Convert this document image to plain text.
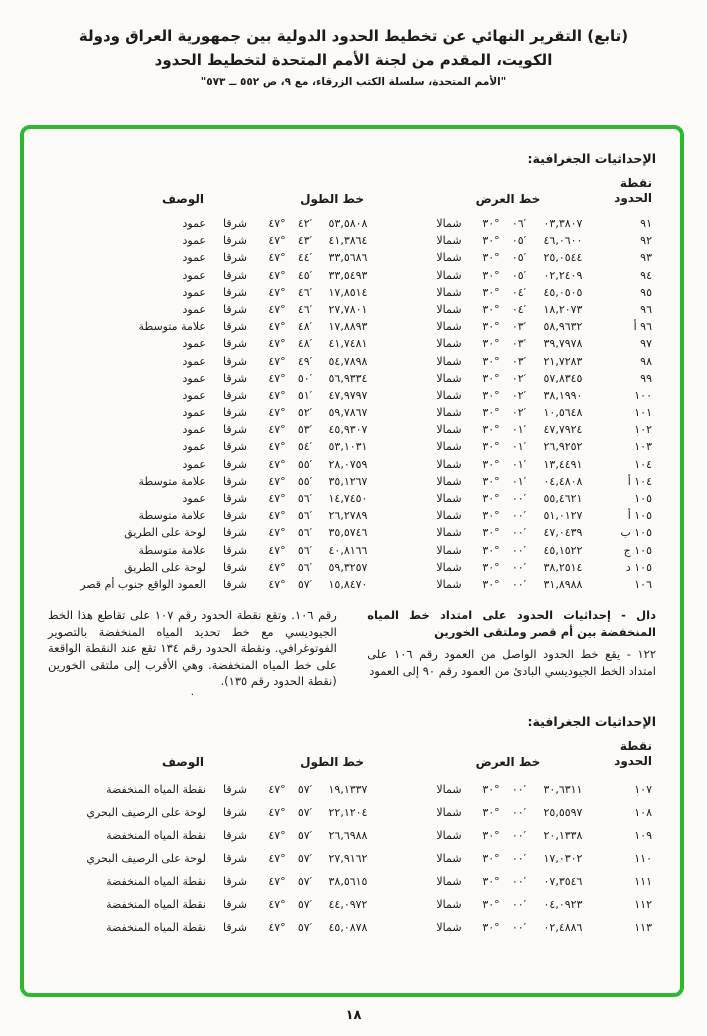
(تابع) التقرير النهائي عن تخطيط الحدود الدولية بين جمهورية العراق ودولة
الكويت، المقدم من لجنة الأمم المتحدة لتخطيط الحدود
"الأمم المتحدة، سلسلة الكتب الزرقاء، مع ٩، ص ٥٥٢ ــ ٥٧٣"
الإحداثيات الجغرافية:
الوصف	خط الطول	خط العرض
نقطة
الحدود
عمود	شرقا	٤٧°	٤٢′	٥٣,٥٨٠٨	شمالا	٣٠°	٠٦′	٠٣,٣٨٠٧	٩١
عمود	شرقا	٤٧°	٤٣′	٤١,٣٨٦٤	شمالا	٣٠°	٠٥′	٤٦,٠٦٠٠	٩٢
عمود	شرقا	٤٧°	٤٤′	٣٣,٥٦٨٦	شمالا	٣٠°	٠٥′	٢٥,٠٥٤٤	٩٣
عمود	شرقا	٤٧°	٤٥′	٣٣,٥٤٩٣	شمالا	٣٠°	٠٥′	٠٢,٢٤٠٩	٩٤
عمود	شرقا	٤٧°	٤٦′	١٧,٨٥١٤	شمالا	٣٠°	٠٤′	٤٥,٠٥٠٥	٩٥
عمود	شرقا	٤٧°	٤٦′	٢٧,٧٨٠١	شمالا	٣٠°	٠٤′	١٨,٢٠٧٣	٩٦
علامة متوسطة	شرقا	٤٧°	٤٨′	١٧,٨٨٩٣	شمالا	٣٠°	٠٣′	٥٨,٩٦٣٢	٩٦ أ
عمود	شرقا	٤٧°	٤٨′	٤١,٧٤٨١	شمالا	٣٠°	٠٣′	٣٩,٧٩٧٨	٩٧
عمود	شرقا	٤٧°	٤٩′	٥٤,٧٨٩٨	شمالا	٣٠°	٠٣′	٢١,٧٢٨٣	٩٨
عمود	شرقا	٤٧°	٥٠′	٥٦,٩٣٣٤	شمالا	٣٠°	٠٢′	٥٧,٨٣٤٥	٩٩
عمود	شرقا	٤٧°	٥١′	٤٧,٩٧٩٧	شمالا	٣٠°	٠٢′	٣٨,١٩٩٠	١٠٠
عمود	شرقا	٤٧°	٥٢′	٥٩,٧٨٦٧	شمالا	٣٠°	٠٢′	١٠,٥٦٤٨	١٠١
عمود	شرقا	٤٧°	٥٣′	٤٥,٩٣٠٧	شمالا	٣٠°	٠١′	٤٧,٧٩٢٤	١٠٢
عمود	شرقا	٤٧°	٥٤′	٥٣,١٠٣١	شمالا	٣٠°	٠١′	٢٦,٩٢٥٢	١٠٣
عمود	شرقا	٤٧°	٥٥′	٢٨,٠٧٥٩	شمالا	٣٠°	٠١′	١٣,٤٤٩١	١٠٤
علامة متوسطة	شرقا	٤٧°	٥٥′	٣٥,١٢٦٧	شمالا	٣٠°	٠١′	٠٤,٤٨٠٨	١٠٤ أ
عمود	شرقا	٤٧°	٥٦′	١٤,٧٤٥٠	شمالا	٣٠°	٠٠′	٥٥,٤٦٢١	١٠٥
علامة متوسطة	شرقا	٤٧°	٥٦′	٢٦,٢٧٨٩	شمالا	٣٠°	٠٠′	٥١,٠١٢٧	١٠٥ أ
لوحة على الطريق	شرقا	٤٧°	٥٦′	٣٥,٥٧٤٦	شمالا	٣٠°	٠٠′	٤٧,٠٤٣٩	١٠٥ ب
علامة متوسطة	شرقا	٤٧°	٥٦′	٤٠,٨١٦٦	شمالا	٣٠°	٠٠′	٤٥,١٥٢٢	١٠٥ ج
لوحة على الطريق	شرقا	٤٧°	٥٦′	٥٩,٣٢٥٧	شمالا	٣٠°	٠٠′	٣٨,٢٥١٤	١٠٥ د
العمود الواقع جنوب أم قصر	شرقا	٤٧°	٥٧′	١٥,٨٤٧٠	شمالا	٣٠°	٠٠′	٣١,٨٩٨٨	١٠٦
دال - إحداثيات الحدود على امتداد خط المياه المنخفضة بين أم قصر وملتقى الخورين
١٢٢ - يقع خط الحدود الواصل من العمود رقم ١٠٦ على امتداد الخط الجيوديسي البادئ من العمود رقم ٩٠ إلى العمود
رقم ١٠٦. وتقع نقطة الحدود رقم ١٠٧ على تقاطع هذا الخط الجيوديسي مع خط تحديد المياه المنخفضة بالتصوير الفوتوغرافي. ونقطة الحدود رقم ١٣٤ تقع عند النقطة الواقعة على خط المياه المنخفضة. وهي الأقرب إلى ملتقى الخورين (نقطة الحدود رقم ١٣٥).
·
الإحداثيات الجغرافية:
الوصف	خط الطول	خط العرض
نقطة
الحدود
نقطة المياه المنخفضة	شرقا	٤٧°	٥٧′	١٩,١٣٣٧	شمالا	٣٠°	٠٠′	٣٠,٦٣١١	١٠٧
لوحة على الرصيف البحري	شرقا	٤٧°	٥٧′	٢٢,١٢٠٤	شمالا	٣٠°	٠٠′	٢٥,٥٥٩٧	١٠٨
نقطة المياه المنخفضة	شرقا	٤٧°	٥٧′	٢٦,٦٩٨٨	شمالا	٣٠°	٠٠′	٢٠,١٣٣٨	١٠٩
لوحة على الرصيف البحري	شرقا	٤٧°	٥٧′	٢٧,٩١٦٢	شمالا	٣٠°	٠٠′	١٧,٠٣٠٢	١١٠
نقطة المياه المنخفضة	شرقا	٤٧°	٥٧′	٣٨,٥٦١٥	شمالا	٣٠°	٠٠′	٠٧,٣٥٤٦	١١١
نقطة المياه المنخفضة	شرقا	٤٧°	٥٧′	٤٤,٠٩٧٢	شمالا	٣٠°	٠٠′	٠٤,٠٩٢٣	١١٢
نقطة المياه المنخفضة	شرقا	٤٧°	٥٧′	٤٥,٠٨٧٨	شمالا	٣٠°	٠٠′	٠٢,٤٨٨٦	١١٣
١٨
